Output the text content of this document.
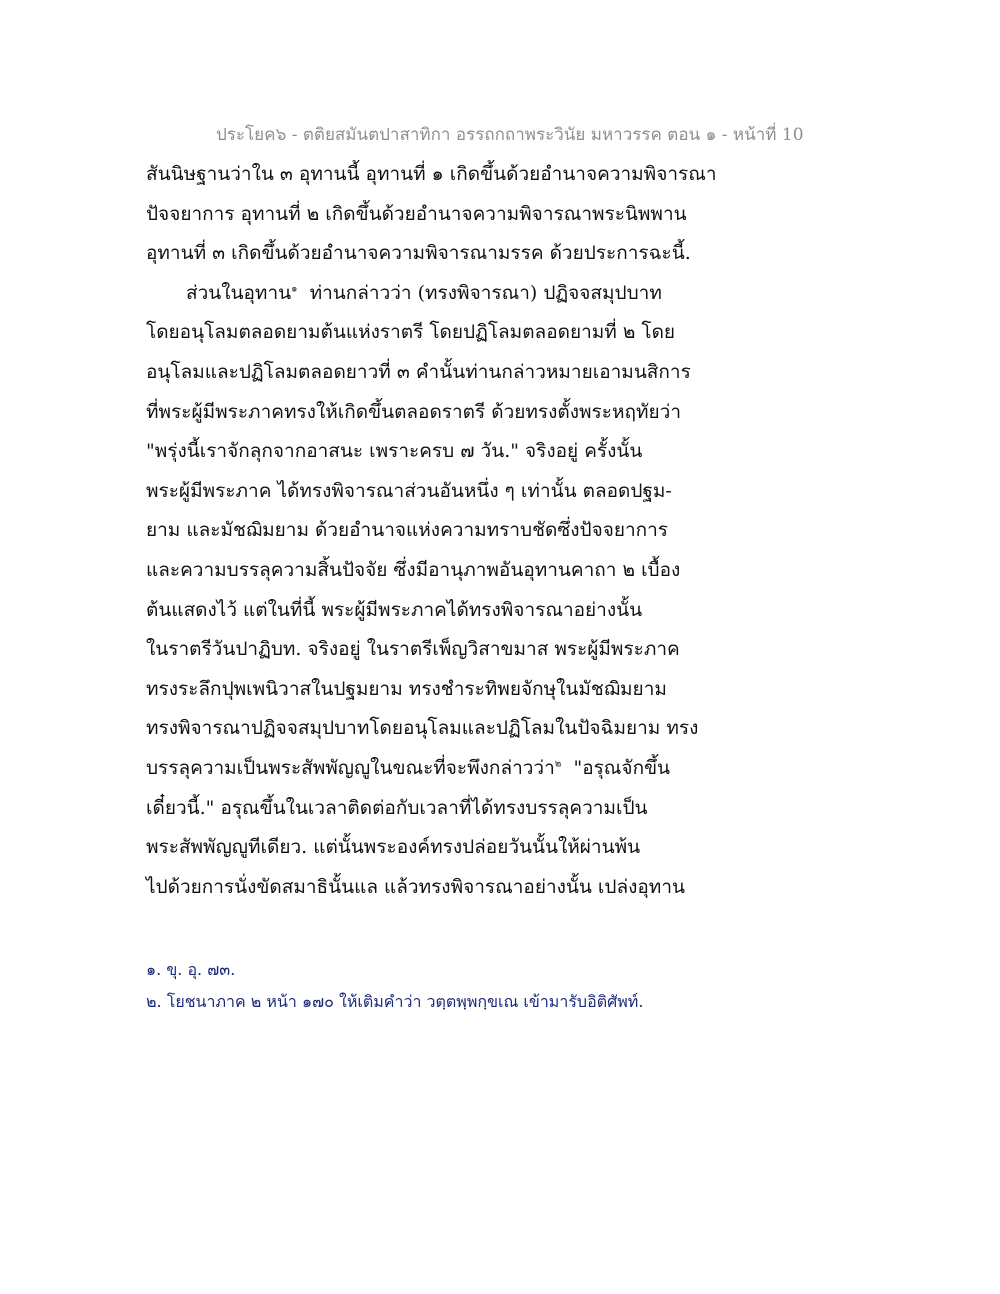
ประโยค๖ - ตติยสมันตปาสาทิกา อรรถกถาพระวินัย มหาวรรค ตอน ๑ - หน้าที่ 10
สันนิษฐานว่าใน ๓ อุทานนี้ อุทานที่ ๑ เกิดขึ้นด้วยอำนาจความพิจารณา
ปัจจยาการ อุทานที่ ๒ เกิดขึ้นด้วยอำนาจความพิจารณาพระนิพพาน
อุทานที่ ๓ เกิดขึ้นด้วยอำนาจความพิจารณามรรค ด้วยประการฉะนี้.
ส่วนในอุทาน$^๑$ ท่านกล่าวว่า (ทรงพิจารณา) ปฏิจจสมุปบาท
โดยอนุโลมตลอดยามต้นแห่งราตรี โดยปฏิโลมตลอดยามที่ ๒ โดย
อนุโลมและปฏิโลมตลอดยาวที่ ๓ คำนั้นท่านกล่าวหมายเอามนสิการ
ที่พระผู้มีพระภาคทรงให้เกิดขึ้นตลอดราตรี ด้วยทรงตั้งพระหฤทัยว่า
"พรุ่งนี้เราจักลุกจากอาสนะ เพราะครบ ๗ วัน." จริงอยู่ ครั้งนั้น
พระผู้มีพระภาค ได้ทรงพิจารณาส่วนอันหนึ่ง ๆ เท่านั้น ตลอดปฐม-
ยาม และมัชฌิมยาม ด้วยอำนาจแห่งความทราบชัดซึ่งปัจจยาการ
และความบรรลุความสิ้นปัจจัย ซึ่งมีอานุภาพอันอุทานคาถา ๒ เบื้อง
ต้นแสดงไว้ แต่ในที่นี้ พระผู้มีพระภาคได้ทรงพิจารณาอย่างนั้น
ในราตรีวันปาฏิบท. จริงอยู่ ในราตรีเพ็ญวิสาขมาส พระผู้มีพระภาค
ทรงระลึกปุพเพนิวาสในปฐมยาม ทรงชำระทิพยจักษุในมัชฌิมยาม
ทรงพิจารณาปฏิจจสมุปบาทโดยอนุโลมและปฏิโลมในปัจฉิมยาม ทรง
บรรลุความเป็นพระสัพพัญญูในขณะที่จะพึงกล่าวว่า$^๒$ "อรุณจักขึ้น
เดี๋ยวนี้." อรุณขึ้นในเวลาติดต่อกับเวลาที่ได้ทรงบรรลุความเป็น
พระสัพพัญญูทีเดียว. แต่นั้นพระองค์ทรงปล่อยวันนั้นให้ผ่านพ้น
ไปด้วยการนั่งขัดสมาธินั้นแล แล้วทรงพิจารณาอย่างนั้น เปล่งอุทาน
๑. ขุ. อุ. ๗๓.
๒. โยชนาภาค ๒ หน้า ๑๗๐ ให้เติมคำว่า วตฺตพฺพกฺขเณ เข้ามารับอิติศัพท์.
